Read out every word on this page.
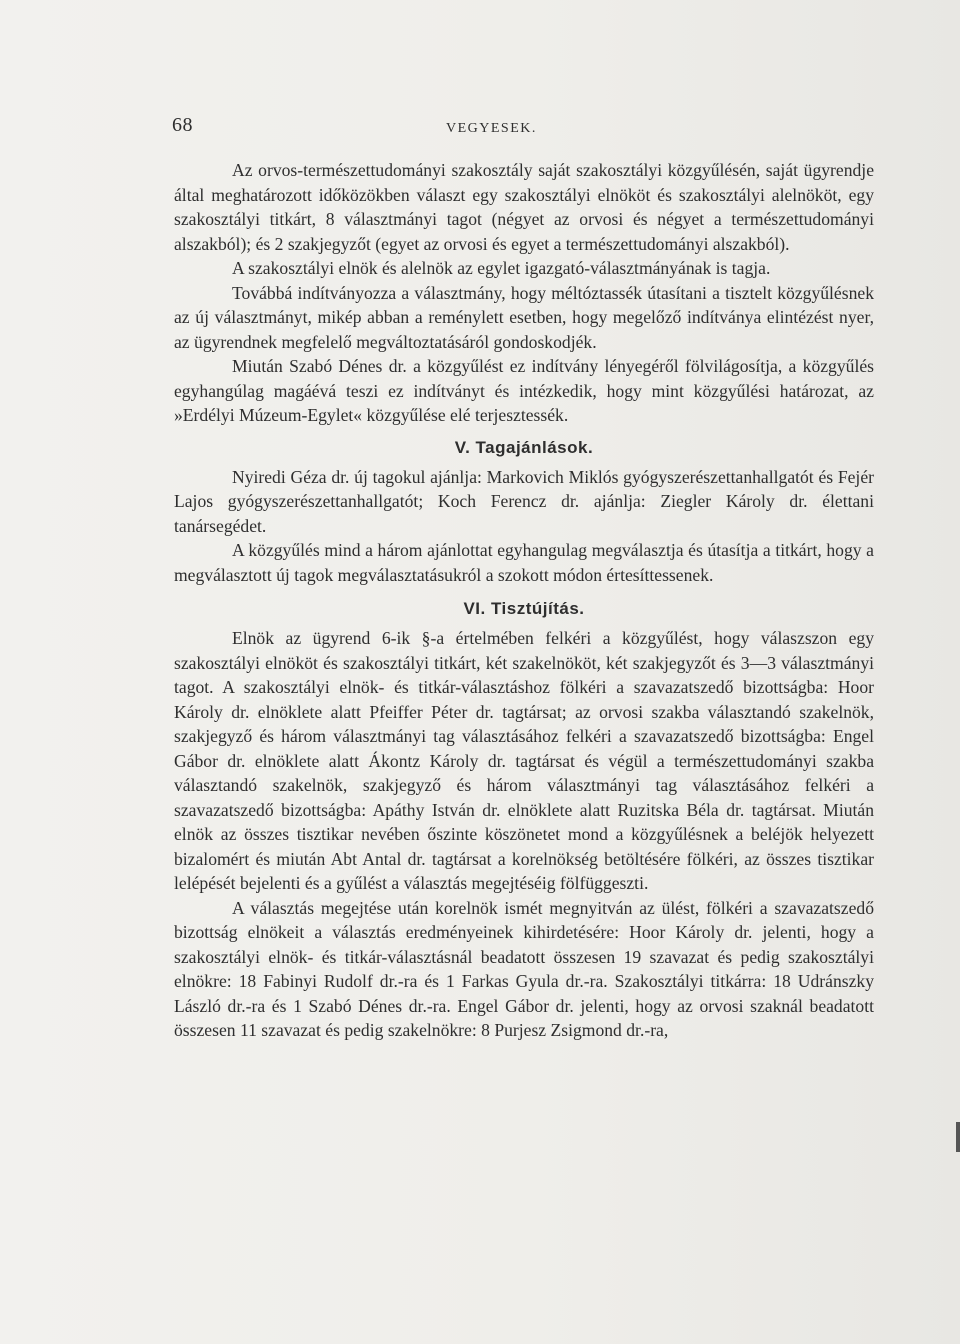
68	VEGYESEK.

Az orvos-természettudományi szakosztály saját szakosztályi közgyűlésén, saját ügyrendje által meghatározott időközökben választ egy szakosztályi elnököt és szakosztályi alelnököt, egy szakosztályi titkárt, 8 választmányi tagot (négyet az orvosi és négyet a természettudományi alszakból); és 2 szakjegyzőt (egyet az orvosi és egyet a természettudományi alszakból).

A szakosztályi elnök és alelnök az egylet igazgató-választmányának is tagja.

Továbbá indítványozza a választmány, hogy méltóztassék útasítani a tisztelt közgyűlésnek az új választmányt, mikép abban a reménylett esetben, hogy megelőző indítványa elintézést nyer, az ügyrendnek megfelelő megváltoztatásáról gondoskodjék.

Miután Szabó Dénes dr. a közgyűlést ez indítvány lényegéről fölvilágosítja, a közgyűlés egyhangúlag magáévá teszi ez indítványt és intézkedik, hogy mint közgyűlési határozat, az »Erdélyi Múzeum-Egylet« közgyűlése elé terjesztessék.

V. Tagajánlások.

Nyiredi Géza dr. új tagokul ajánlja: Markovich Miklós gyógyszerészettanhallgatót és Fejér Lajos gyógyszerészettanhallgatót; Koch Ferencz dr. ajánlja: Ziegler Károly dr. élettani tanársegédet.

A közgyűlés mind a három ajánlottat egyhangulag megválasztja és útasítja a titkárt, hogy a megválasztott új tagok megválasztatásukról a szokott módon értesíttessenek.

VI. Tisztújítás.

Elnök az ügyrend 6-ik §-a értelmében felkéri a közgyűlést, hogy válaszszon egy szakosztályi elnököt és szakosztályi titkárt, két szakelnököt, két szakjegyzőt és 3—3 választmányi tagot. A szakosztályi elnök- és titkár-választáshoz fölkéri a szavazatszedő bizottságba: Hoor Károly dr. elnöklete alatt Pfeiffer Péter dr. tagtársat; az orvosi szakba választandó szakelnök, szakjegyző és három választmányi tag választásához felkéri a szavazatszedő bizottságba: Engel Gábor dr. elnöklete alatt Ákontz Károly dr. tagtársat és végül a természettudományi szakba választandó szakelnök, szakjegyző és három választmányi tag választásához felkéri a szavazatszedő bizottságba: Apáthy István dr. elnöklete alatt Ruzitska Béla dr. tagtársat. Miután elnök az összes tisztikar nevében őszinte köszönetet mond a közgyűlésnek a beléjök helyezett bizalomért és miután Abt Antal dr. tagtársat a korelnökség betöltésére fölkéri, az összes tisztikar lelépését bejelenti és a gyűlést a választás megejtéséig fölfüggeszti.

A választás megejtése után korelnök ismét megnyitván az ülést, fölkéri a szavazatszedő bizottság elnökeit a választás eredményeinek kihirdetésére: Hoor Károly dr. jelenti, hogy a szakosztályi elnök- és titkár-választásnál beadatott összesen 19 szavazat és pedig szakosztályi elnökre: 18 Fabinyi Rudolf dr.-ra és 1 Farkas Gyula dr.-ra. Szakosztályi titkárra: 18 Udránszky László dr.-ra és 1 Szabó Dénes dr.-ra. Engel Gábor dr. jelenti, hogy az orvosi szaknál beadatott összesen 11 szavazat és pedig szakelnökre: 8 Purjesz Zsigmond dr.-ra,
